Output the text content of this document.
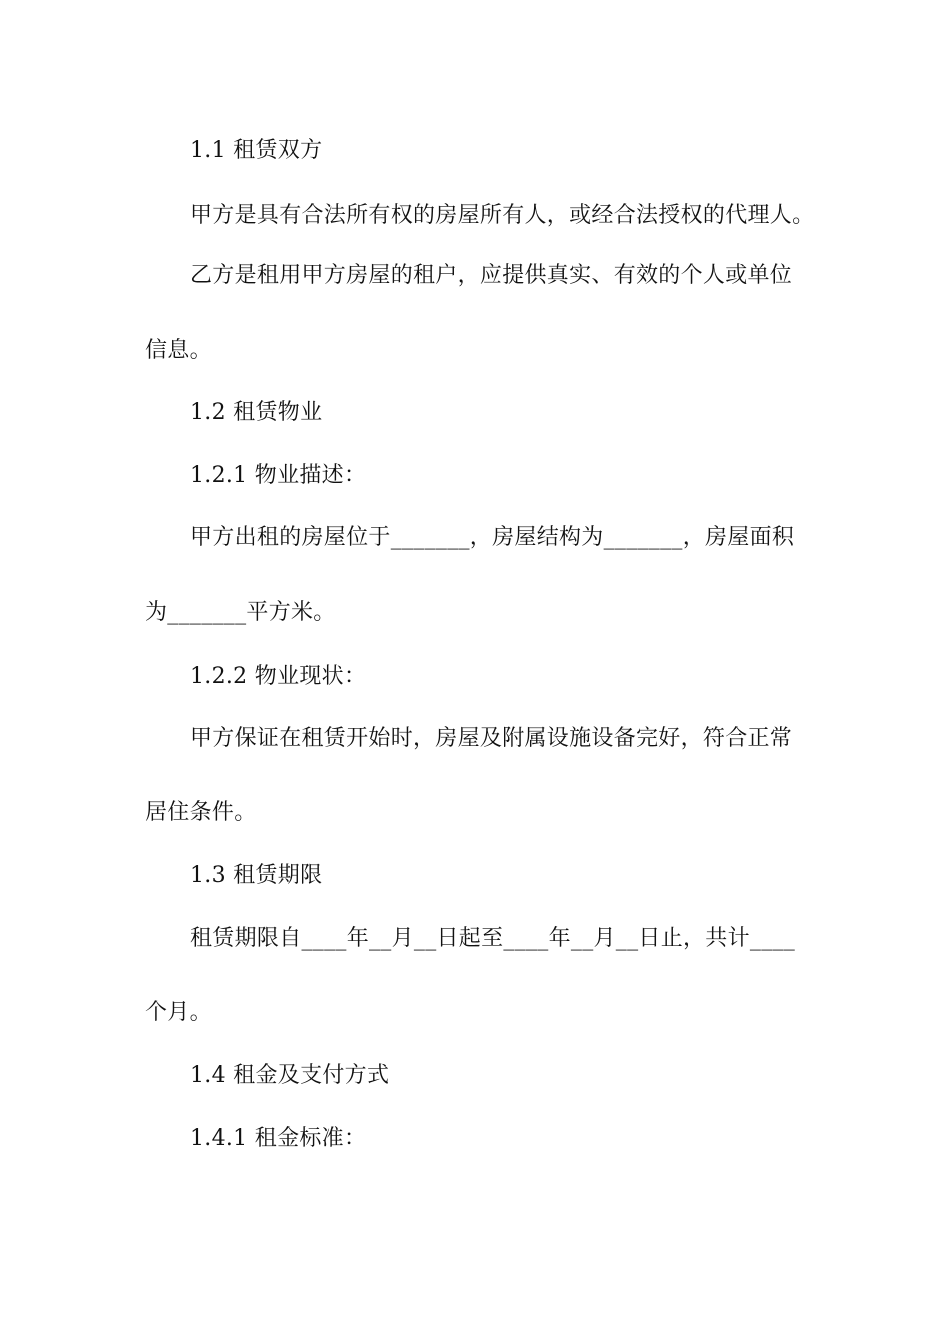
1.1 租赁双方
甲方是具有合法所有权的房屋所有人，或经合法授权的代理人。
乙方是租用甲方房屋的租户，应提供真实、有效的个人或单位
信息。
1.2 租赁物业
1.2.1 物业描述：
甲方出租的房屋位于_______，房屋结构为_______，房屋面积
为_______平方米。
1.2.2 物业现状：
甲方保证在租赁开始时，房屋及附属设施设备完好，符合正常
居住条件。
1.3 租赁期限
租赁期限自____年__月__日起至____年__月__日止，共计____
个月。
1.4 租金及支付方式
1.4.1 租金标准：
